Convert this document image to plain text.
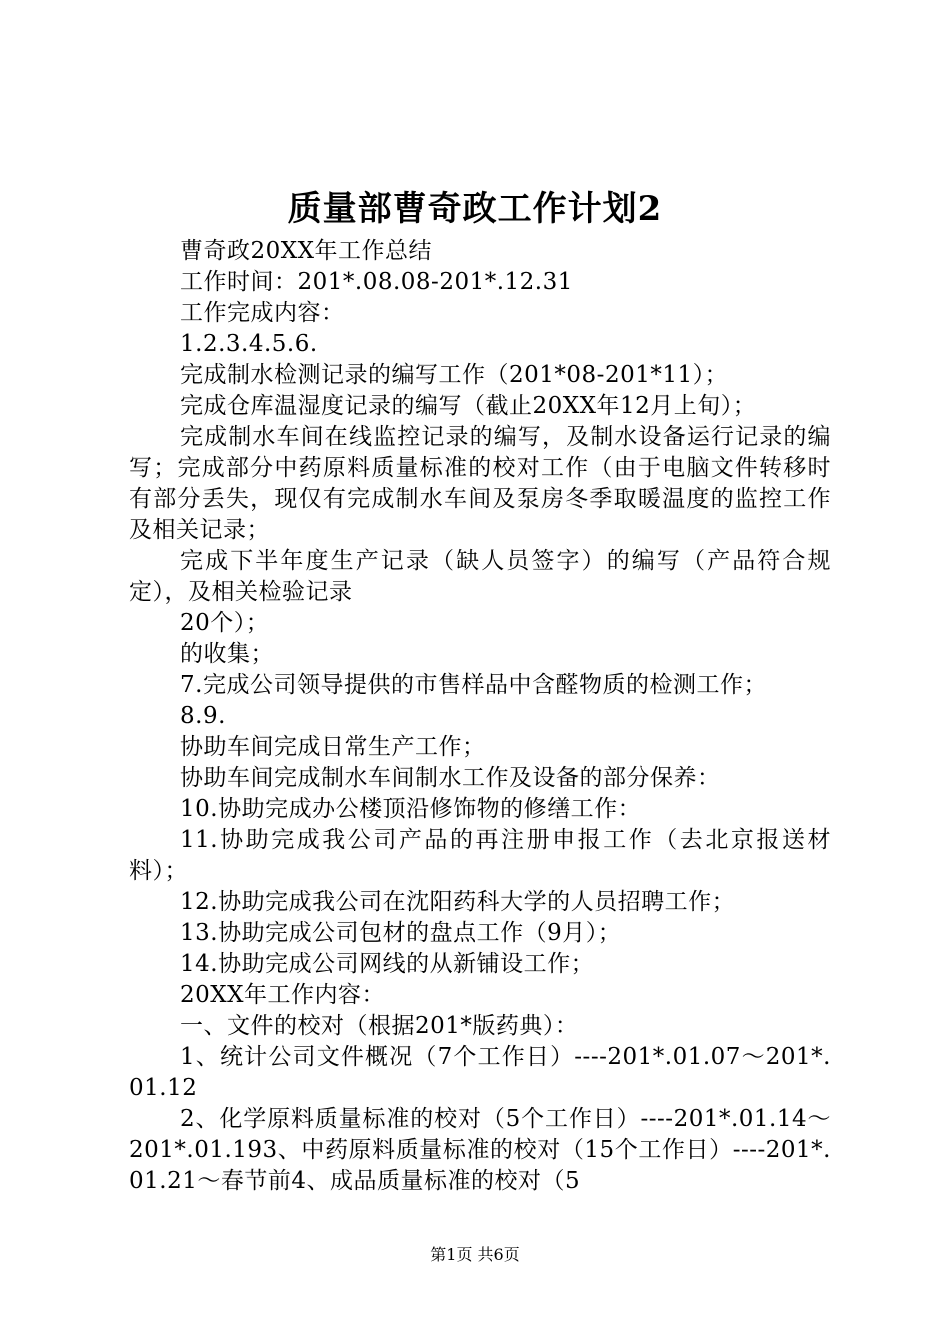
质量部曹奇政工作计划2

曹奇政20XX年工作总结

工作时间：201*.08.08-201*.12.31

工作完成内容：

1.2.3.4.5.6.

完成制水检测记录的编写工作（201*08-201*11）；

完成仓库温湿度记录的编写（截止20XX年12月上旬）；

完成制水车间在线监控记录的编写，及制水设备运行记录的编写；完成部分中药原料质量标准的校对工作（由于电脑文件转移时有部分丢失，现仅有完成制水车间及泵房冬季取暖温度的监控工作及相关记录；

完成下半年度生产记录（缺人员签字）的编写（产品符合规定），及相关检验记录

20个）；

的收集；

7.完成公司领导提供的市售样品中含醛物质的检测工作；

8.9.

协助车间完成日常生产工作；

协助车间完成制水车间制水工作及设备的部分保养：

10.协助完成办公楼顶沿修饰物的修缮工作：

11.协助完成我公司产品的再注册申报工作（去北京报送材料）；

12.协助完成我公司在沈阳药科大学的人员招聘工作；

13.协助完成公司包材的盘点工作（9月）；

14.协助完成公司网线的从新铺设工作；

20XX年工作内容：

一、文件的校对（根据201*版药典）：

1、统计公司文件概况（7个工作日）----201*.01.07～201*.01.12

2、化学原料质量标准的校对（5个工作日）----201*.01.14～201*.01.193、中药原料质量标准的校对（15个工作日）----201*.01.21～春节前4、成品质量标准的校对（5

第1页 共6页
